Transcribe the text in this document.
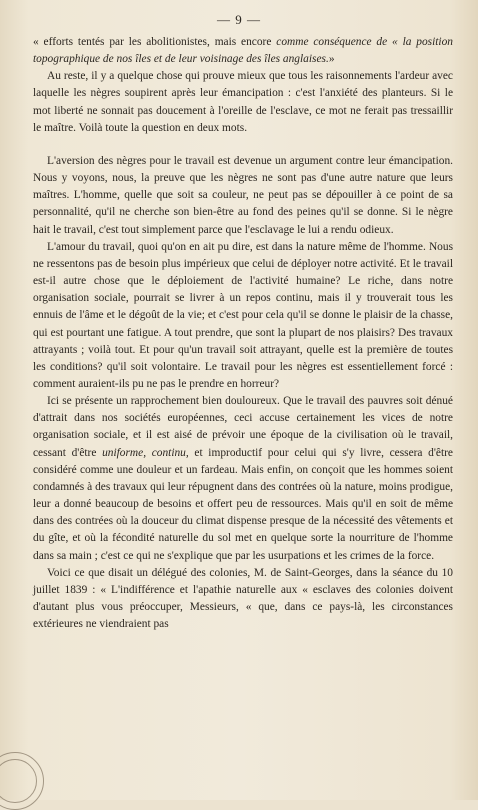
— 9 —

« efforts tentés par les abolitionistes, mais encore comme conséquence de « la position topographique de nos îles et de leur voisinage des îles anglaises.»

Au reste, il y a quelque chose qui prouve mieux que tous les raisonnements l'ardeur avec laquelle les nègres soupirent après leur émancipation : c'est l'anxiété des planteurs. Si le mot liberté ne sonnait pas doucement à l'oreille de l'esclave, ce mot ne ferait pas tressaillir le maître. Voilà toute la question en deux mots.

L'aversion des nègres pour le travail est devenue un argument contre leur émancipation. Nous y voyons, nous, la preuve que les nègres ne sont pas d'une autre nature que leurs maîtres. L'homme, quelle que soit sa couleur, ne peut pas se dépouiller à ce point de sa personnalité, qu'il ne cherche son bien-être au fond des peines qu'il se donne. Si le nègre hait le travail, c'est tout simplement parce que l'esclavage le lui a rendu odieux.

L'amour du travail, quoi qu'on en ait pu dire, est dans la nature même de l'homme. Nous ne ressentons pas de besoin plus impérieux que celui de déployer notre activité. Et le travail est-il autre chose que le déploiement de l'activité humaine? Le riche, dans notre organisation sociale, pourrait se livrer à un repos continu, mais il y trouverait tous les ennuis de l'âme et le dégoût de la vie; et c'est pour cela qu'il se donne le plaisir de la chasse, qui est pourtant une fatigue. A tout prendre, que sont la plupart de nos plaisirs? Des travaux attrayants ; voilà tout. Et pour qu'un travail soit attrayant, quelle est la première de toutes les conditions? qu'il soit volontaire. Le travail pour les nègres est essentiellement forcé : comment auraient-ils pu ne pas le prendre en horreur?

Ici se présente un rapprochement bien douloureux. Que le travail des pauvres soit dénué d'attrait dans nos sociétés européennes, ceci accuse certainement les vices de notre organisation sociale, et il est aisé de prévoir une époque de la civilisation où le travail, cessant d'être uniforme, continu, et improductif pour celui qui s'y livre, cessera d'être considéré comme une douleur et un fardeau. Mais enfin, on conçoit que les hommes soient condamnés à des travaux qui leur répugnent dans des contrées où la nature, moins prodigue, leur a donné beaucoup de besoins et offert peu de ressources. Mais qu'il en soit de même dans des contrées où la douceur du climat dispense presque de la nécessité des vêtements et du gîte, et où la fécondité naturelle du sol met en quelque sorte la nourriture de l'homme dans sa main ; c'est ce qui ne s'explique que par les usurpations et les crimes de la force.

Voici ce que disait un délégué des colonies, M. de Saint-Georges, dans la séance du 10 juillet 1839 : « L'indifférence et l'apathie naturelle aux « esclaves des colonies doivent d'autant plus vous préoccuper, Messieurs, « que, dans ce pays-là, les circonstances extérieures ne viendraient pas
